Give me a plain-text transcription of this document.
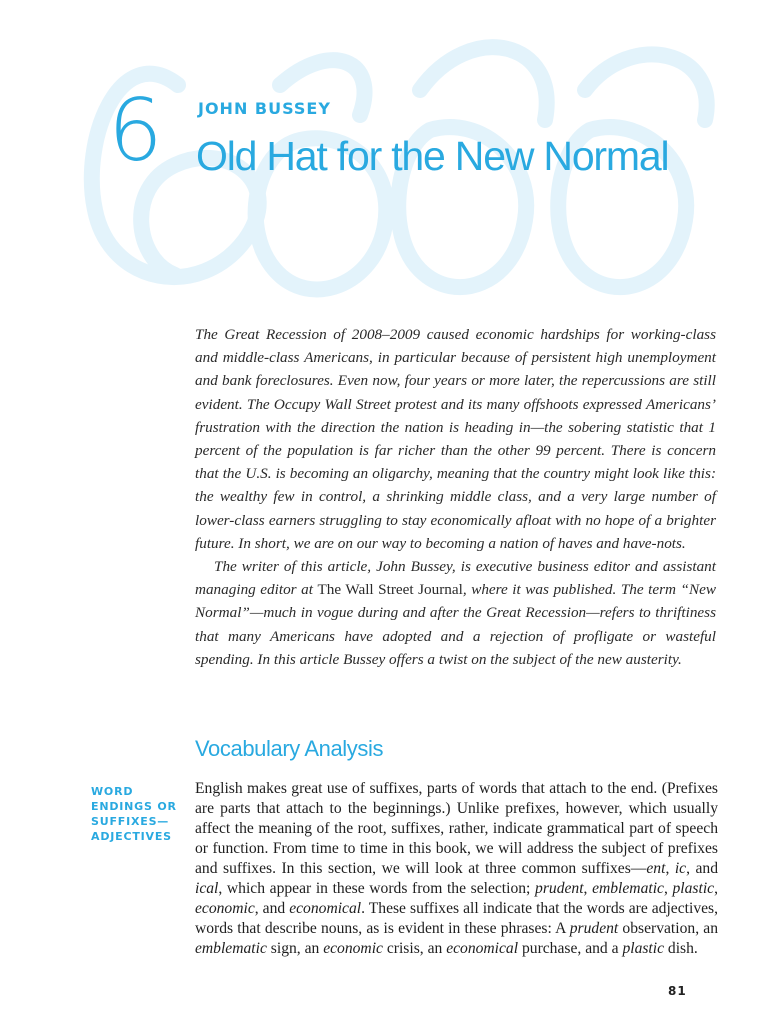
6 JOHN BUSSEY
Old Hat for the New Normal

The Great Recession of 2008–2009 caused economic hardships for working-class and middle-class Americans, in particular because of persistent high unemployment and bank foreclosures. Even now, four years or more later, the repercussions are still evident. The Occupy Wall Street protest and its many offshoots expressed Americans’ frustration with the direction the nation is heading in—the sobering statistic that 1 percent of the population is far richer than the other 99 percent. There is concern that the U.S. is becoming an oligarchy, meaning that the country might look like this: the wealthy few in control, a shrinking middle class, and a very large number of lower-class earners struggling to stay economically afloat with no hope of a brighter future. In short, we are on our way to becoming a nation of haves and have-nots.

The writer of this article, John Bussey, is executive business editor and assistant managing editor at The Wall Street Journal, where it was published. The term “New Normal”—much in vogue during and after the Great Recession—refers to thriftiness that many Americans have adopted and a rejection of profligate or wasteful spending. In this article Bussey offers a twist on the subject of the new austerity.

Vocabulary Analysis
WORD
ENDINGS OR
SUFFIXES—
ADJECTIVES
English makes great use of suffixes, parts of words that attach to the end. (Prefixes are parts that attach to the beginnings.) Unlike prefixes, however, which usually affect the meaning of the root, suffixes, rather, indicate grammatical part of speech or function. From time to time in this book, we will address the subject of prefixes and suffixes. In this section, we will look at three common suffixes—ent, ic, and ical, which appear in these words from the selection; prudent, emblematic, plastic, economic, and economical. These suffixes all indicate that the words are adjectives, words that describe nouns, as is evident in these phrases: A prudent observation, an emblematic sign, an economic crisis, an economical purchase, and a plastic dish.
81
